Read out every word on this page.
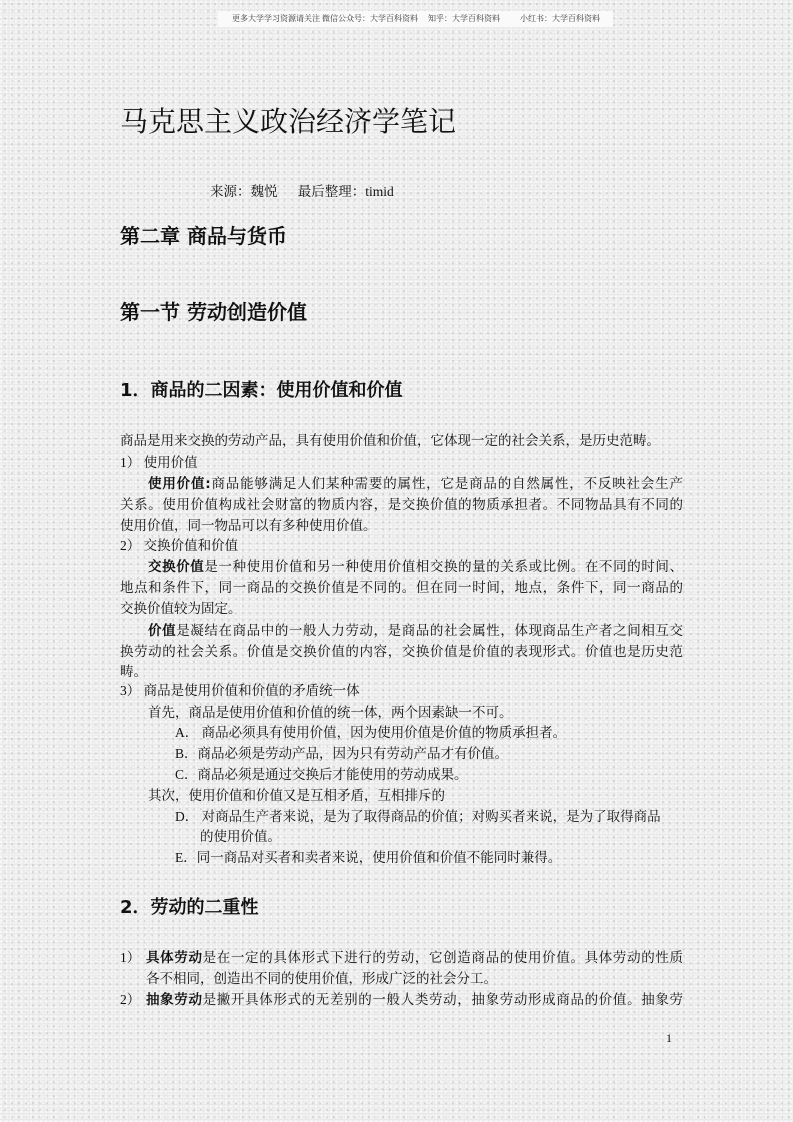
更多大学学习资源请关注 微信公众号：大学百科资料 知乎：大学百科资料	小红书：大学百科资料
马克思主义政治经济学笔记
来源：魏悦      最后整理：timid
第二章 商品与货币
第一节 劳动创造价值
1．商品的二因素：使用价值和价值
商品是用来交换的劳动产品，具有使用价值和价值，它体现一定的社会关系，是历史范畴。
1） 使用价值
使用价值:商品能够满足人们某种需要的属性，它是商品的自然属性，不反映社会生产
关系。使用价值构成社会财富的物质内容，是交换价值的物质承担者。不同物品具有不同的
使用价值，同一物品可以有多种使用价值。
2） 交换价值和价值
交换价值是一种使用价值和另一种使用价值相交换的量的关系或比例。在不同的时间、
地点和条件下，同一商品的交换价值是不同的。但在同一时间，地点，条件下，同一商品的
交换价值较为固定。
价值是凝结在商品中的一般人力劳动，是商品的社会属性，体现商品生产者之间相互交
换劳动的社会关系。价值是交换价值的内容，交换价值是价值的表现形式。价值也是历史范
畴。
3） 商品是使用价值和价值的矛盾统一体
首先，商品是使用价值和价值的统一体，两个因素缺一不可。
A． 商品必须具有使用价值，因为使用价值是价值的物质承担者。
B．商品必须是劳动产品，因为只有劳动产品才有价值。
C．商品必须是通过交换后才能使用的劳动成果。
其次，使用价值和价值又是互相矛盾，互相排斥的
D． 对商品生产者来说，是为了取得商品的价值；对购买者来说，是为了取得商品
的使用价值。
E．同一商品对买者和卖者来说，使用价值和价值不能同时兼得。
2．劳动的二重性
1） 具体劳动是在一定的具体形式下进行的劳动，它创造商品的使用价值。具体劳动的性质
各不相同，创造出不同的使用价值，形成广泛的社会分工。
2） 抽象劳动是撇开具体形式的无差别的一般人类劳动，抽象劳动形成商品的价值。抽象劳
1
